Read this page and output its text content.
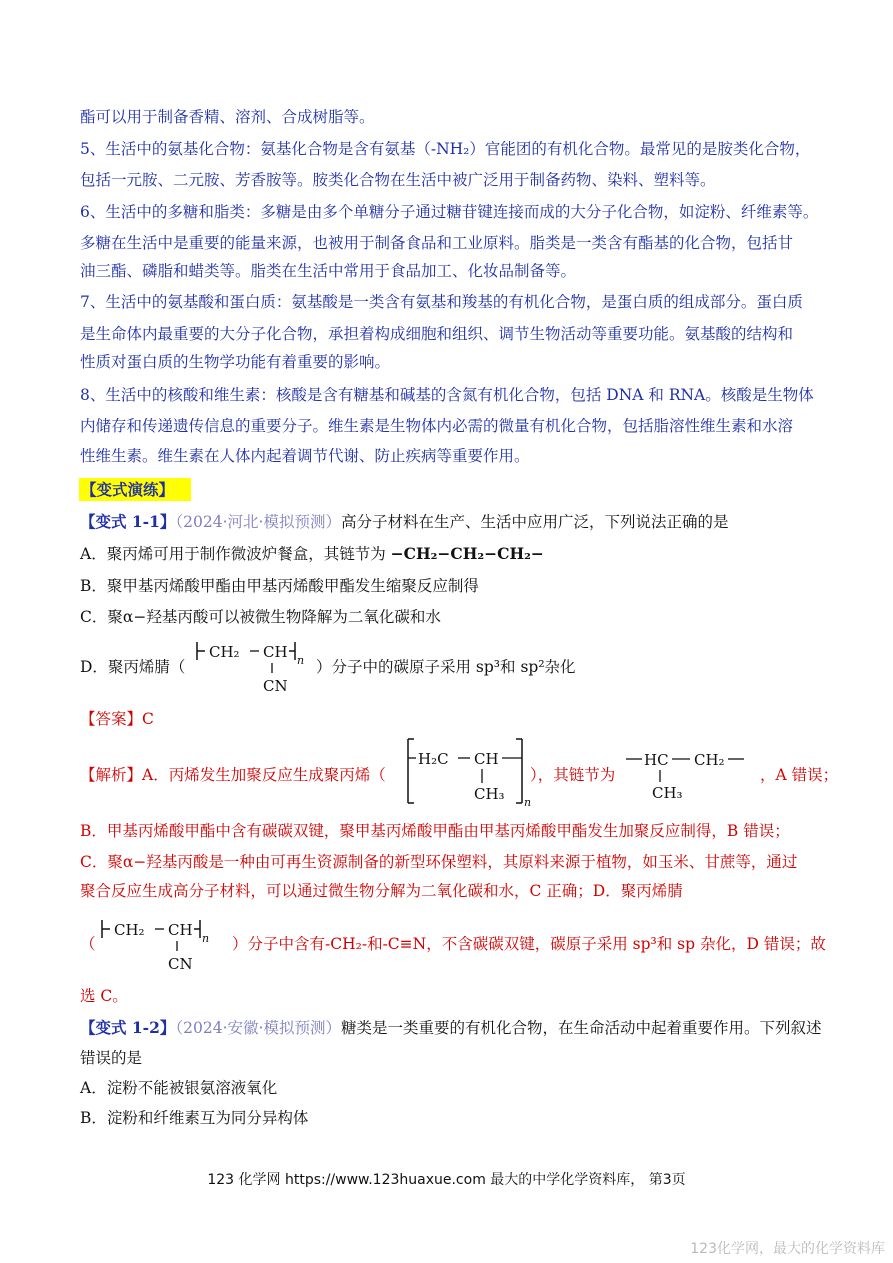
酯可以用于制备香精、溶剂、合成树脂等。
5、生活中的氨基化合物：氨基化合物是含有氨基（-NH₂）官能团的有机化合物。最常见的是胺类化合物，
包括一元胺、二元胺、芳香胺等。胺类化合物在生活中被广泛用于制备药物、染料、塑料等。
6、生活中的多糖和脂类：多糖是由多个单糖分子通过糖苷键连接而成的大分子化合物，如淀粉、纤维素等。
多糖在生活中是重要的能量来源，也被用于制备食品和工业原料。脂类是一类含有酯基的化合物，包括甘
油三酯、磷脂和蜡类等。脂类在生活中常用于食品加工、化妆品制备等。
7、生活中的氨基酸和蛋白质：氨基酸是一类含有氨基和羧基的有机化合物，是蛋白质的组成部分。蛋白质
是生命体内最重要的大分子化合物，承担着构成细胞和组织、调节生物活动等重要功能。氨基酸的结构和
性质对蛋白质的生物学功能有着重要的影响。
8、生活中的核酸和维生素：核酸是含有糖基和碱基的含氮有机化合物，包括 DNA 和 RNA。核酸是生物体
内储存和传递遗传信息的重要分子。维生素是生物体内必需的微量有机化合物，包括脂溶性维生素和水溶
性维生素。维生素在人体内起着调节代谢、防止疾病等重要作用。
【变式演练】
【变式 1-1】（2024·河北·模拟预测）高分子材料在生产、生活中应用广泛，下列说法正确的是
A．聚丙烯可用于制作微波炉餐盒，其链节为 −CH₂−CH₂−CH₂−
B．聚甲基丙烯酸甲酯由甲基丙烯酸甲酯发生缩聚反应制得
C．聚α−羟基丙酸可以被微生物降解为二氧化碳和水
D．聚丙烯腈（
CH₂ CH n
CN
）分子中的碳原子采用 sp³和 sp²杂化
【答案】C
【解析】A．丙烯发生加聚反应生成聚丙烯（
H₂C CH
CH₃ n
），其链节为
HC CH₂
CH₃
，A 错误；
B．甲基丙烯酸甲酯中含有碳碳双键，聚甲基丙烯酸甲酯由甲基丙烯酸甲酯发生加聚反应制得，B 错误；
C．聚α−羟基丙酸是一种由可再生资源制备的新型环保塑料，其原料来源于植物，如玉米、甘蔗等，通过
聚合反应生成高分子材料，可以通过微生物分解为二氧化碳和水，C 正确；D．聚丙烯腈
（
CH₂ CH n
CN
）分子中含有-CH₂-和-C≡N，不含碳碳双键，碳原子采用 sp³和 sp 杂化，D 错误；故
选 C。
【变式 1-2】（2024·安徽·模拟预测）糖类是一类重要的有机化合物，在生命活动中起着重要作用。下列叙述
错误的是
A．淀粉不能被银氨溶液氧化
B．淀粉和纤维素互为同分异构体
123 化学网 https://www.123huaxue.com 最大的中学化学资料库， 第3页
123化学网，最大的化学资料库
